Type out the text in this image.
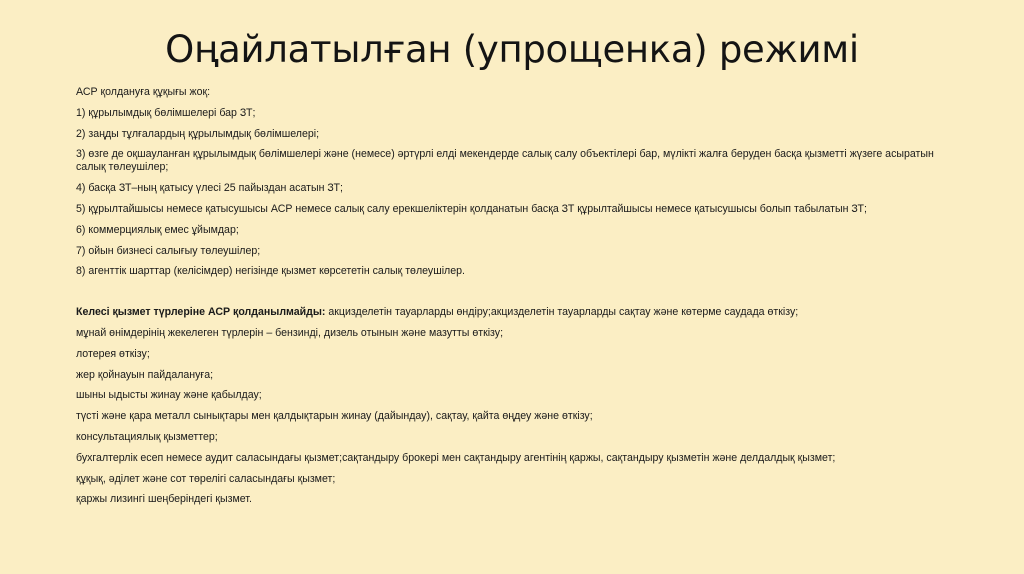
Оңайлатылған (упрощенка) режимі

АСР қолдануға құқығы жоқ:

1) құрылымдық бөлімшелері бар ЗТ;

2) заңды тұлғалардың құрылымдық бөлімшелері;

3) өзге де оқшауланған құрылымдық бөлімшелері және (немесе) әртүрлі елді мекендерде салық салу объектілері бар, мүлікті жалға беруден басқа қызметті жүзеге асыратын салық төлеушілер;

4) басқа ЗТ–ның қатысу үлесі 25 пайыздан асатын ЗТ;

5) құрылтайшысы немесе қатысушысы АСР немесе салық салу ерекшеліктерін қолданатын басқа ЗТ құрылтайшысы немесе қатысушысы болып табылатын ЗТ;

6) коммерциялық емес ұйымдар;

7) ойын бизнесі салығыу төлеушілер;

8) агенттік шарттар (келісімдер) негізінде қызмет көрсететін салық төлеушілер.

Келесі қызмет түрлеріне АСР қолданылмайды: акцизделетін тауарларды өндіру;акцизделетін тауарларды сақтау және көтерме саудада өткізу;

мұнай өнімдерінің жекелеген түрлерін – бензинді, дизель отынын және мазутты өткізу;

лотерея өткізу;

жер қойнауын пайдалануға;

шыны ыдысты жинау және қабылдау;

түсті және қара металл сынықтары мен қалдықтарын жинау (дайындау), сақтау, қайта өңдеу және өткізу;

консультациялық қызметтер;

бухгалтерлік есеп немесе аудит саласындағы қызмет;сақтандыру брокері мен сақтандыру агентінің қаржы, сақтандыру қызметін және делдалдық қызмет;

құқық, әділет және сот төрелігі саласындағы қызмет;

қаржы лизингі шеңберіндегі қызмет.
